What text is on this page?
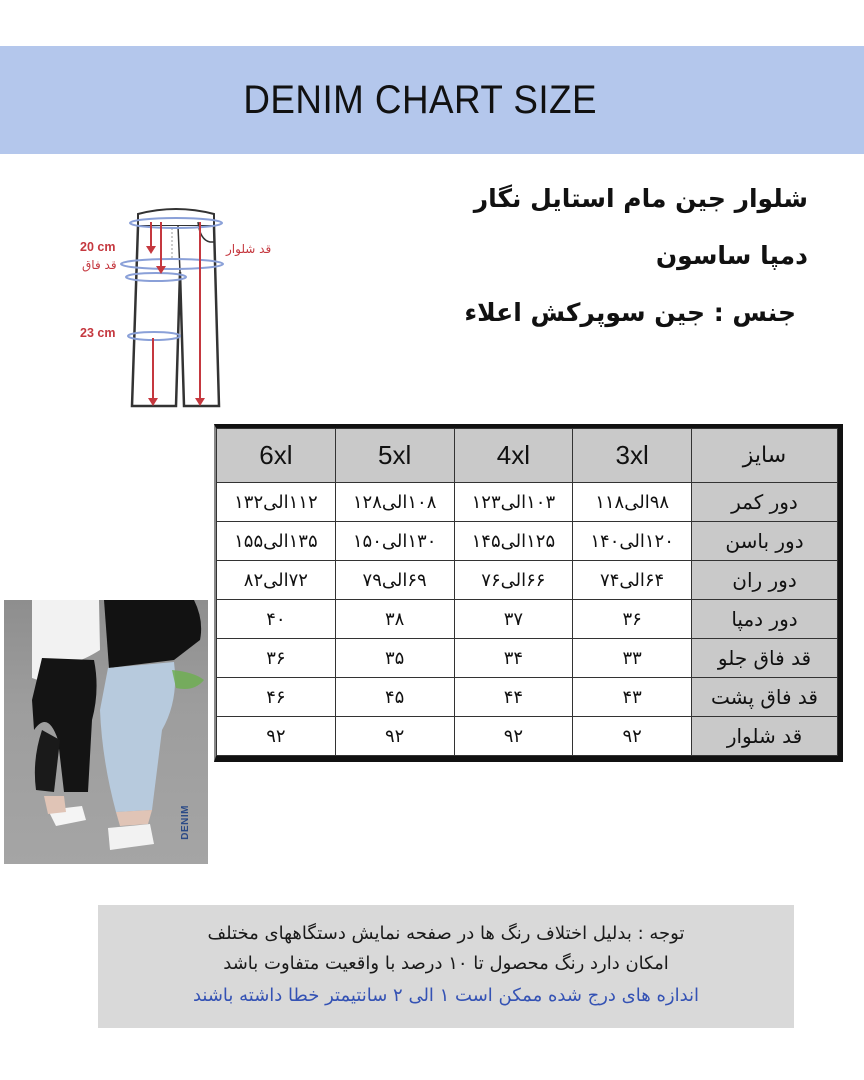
DENIM CHART SIZE
شلوار جین مام استایل نگار
دمپا ساسون
جنس : جین سوپرکش اعلاء
20 cm
قد فاق
23 cm
قد شلوار
سایز	3xl	4xl	5xl	6xl
دور کمر	۹۸الی۱۱۸	۱۰۳الی۱۲۳	۱۰۸الی۱۲۸	۱۱۲الی۱۳۲
دور باسن	۱۲۰الی۱۴۰	۱۲۵الی۱۴۵	۱۳۰الی۱۵۰	۱۳۵الی۱۵۵
دور ران	۶۴الی۷۴	۶۶الی۷۶	۶۹الی۷۹	۷۲الی۸۲
دور دمپا	۳۶	۳۷	۳۸	۴۰
قد فاق جلو	۳۳	۳۴	۳۵	۳۶
قد فاق پشت	۴۳	۴۴	۴۵	۴۶
قد شلوار	۹۲	۹۲	۹۲	۹۲
DENIM
توجه : بدلیل اختلاف رنگ ها در صفحه نمایش دستگاههای مختلف
امکان دارد رنگ محصول تا ۱۰ درصد با واقعیت متفاوت باشد
اندازه های درج شده ممکن است ۱ الی ۲ سانتیمتر خطا داشته باشند
